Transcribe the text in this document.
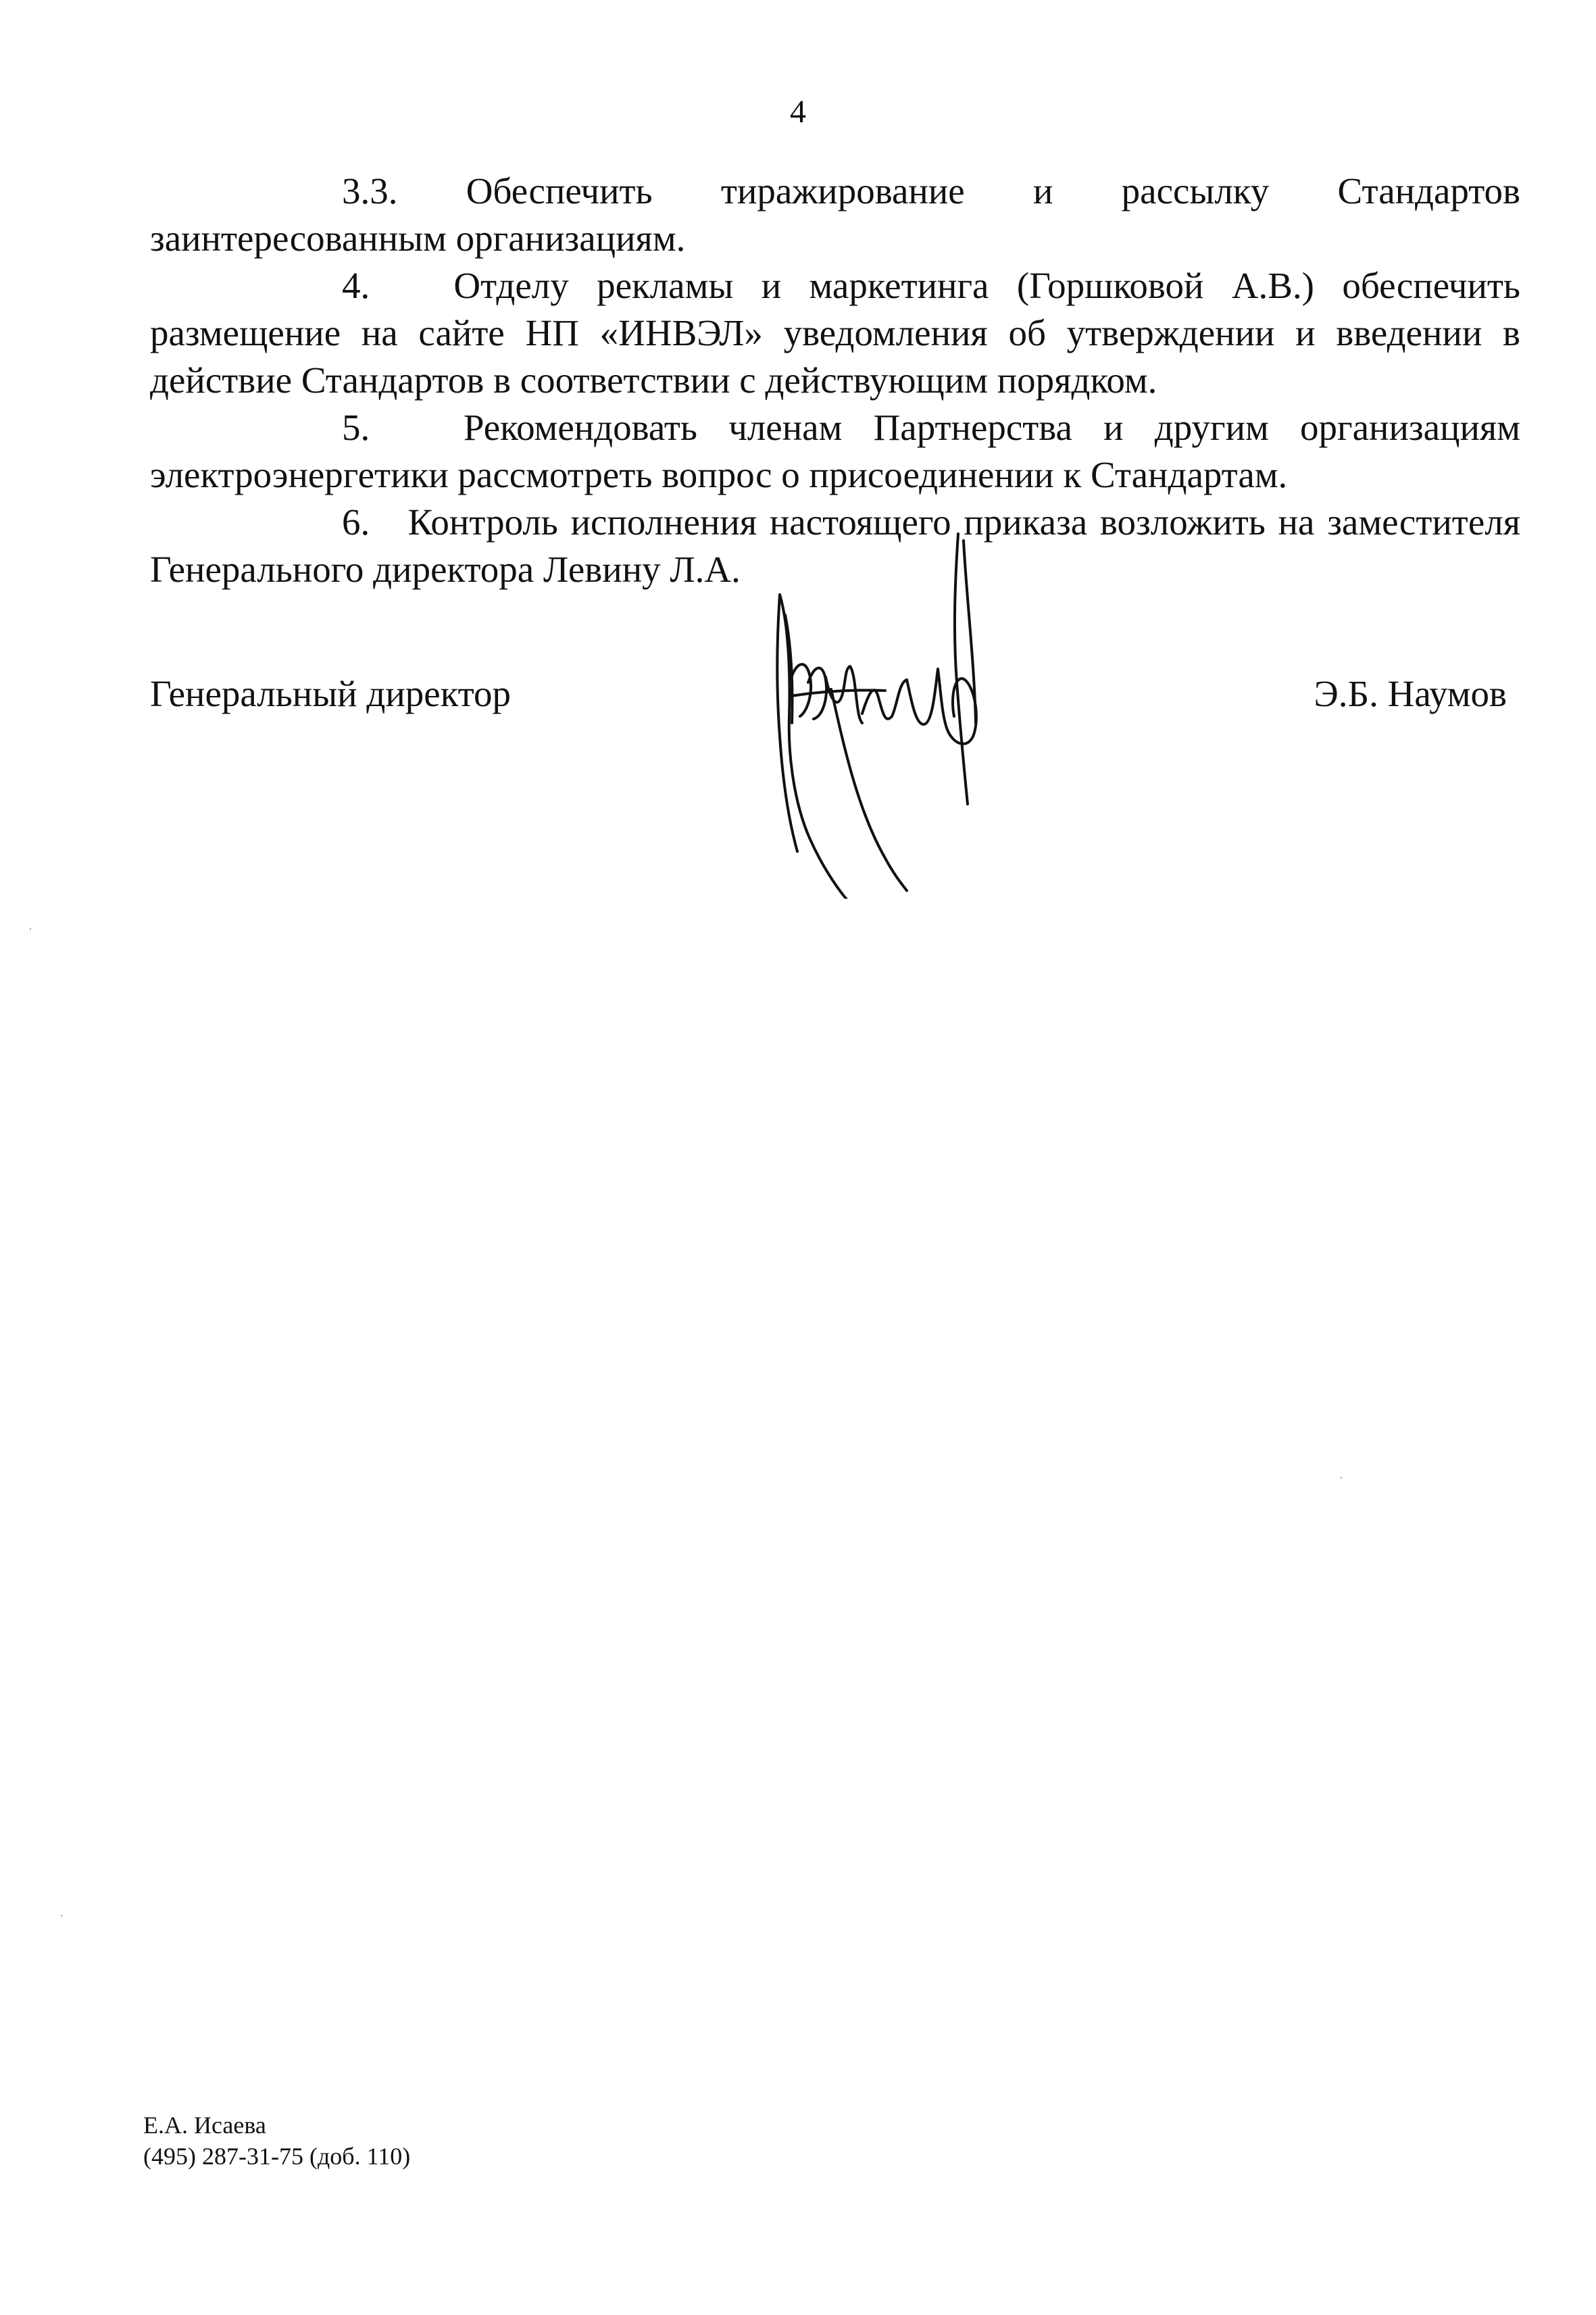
4

3.3. Обеспечить тиражирование и рассылку Стандартов заинтересованным организациям.

4. Отделу рекламы и маркетинга (Горшковой А.В.) обеспечить размещение на сайте НП «ИНВЭЛ» уведомления об утверждении и введении в действие Стандартов в соответствии с действующим порядком.

5.	Рекомендовать членам Партнерства и другим организациям электроэнергетики рассмотреть вопрос о присоединении к Стандартам.

6. Контроль исполнения настоящего приказа возложить на заместителя Генерального директора Левину Л.А.

Генеральный директор	Э.Б. Наумов
Е.А. Исаева
(495) 287-31-75 (доб. 110)
